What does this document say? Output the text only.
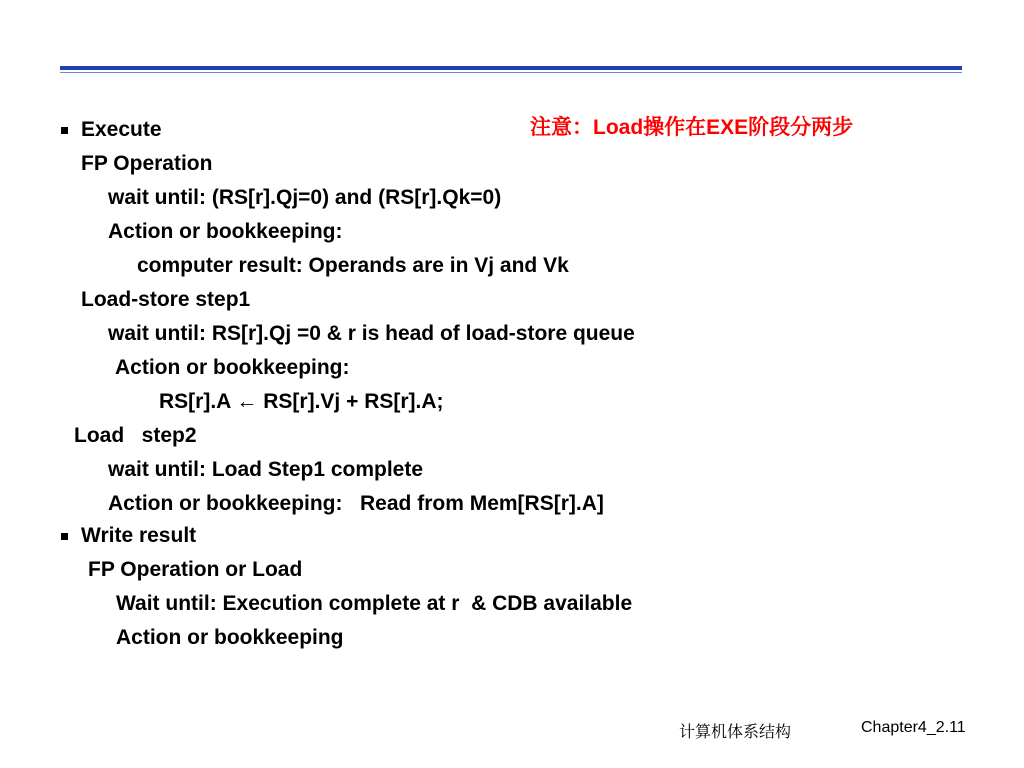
注意：Load操作在EXE阶段分两步
Execute
FP Operation
wait until: (RS[r].Qj=0) and (RS[r].Qk=0)
Action or bookkeeping:
computer result: Operands are in Vj and Vk
Load-store step1
wait until: RS[r].Qj =0 & r is head of load-store queue
Action or bookkeeping:
RS[r].A ← RS[r].Vj + RS[r].A;
Load   step2
wait until: Load Step1 complete
Action or bookkeeping:   Read from Mem[RS[r].A]
Write result
FP Operation or Load
Wait until: Execution complete at r  & CDB available
Action or bookkeeping
计算机体系结构	Chapter4_2.11
